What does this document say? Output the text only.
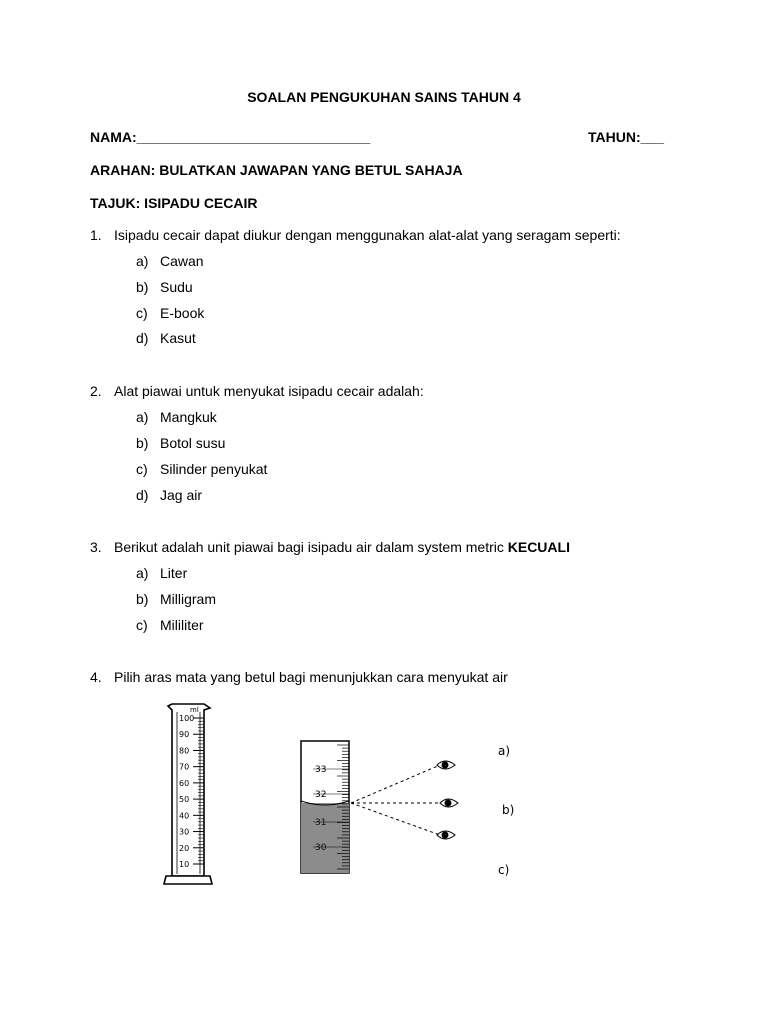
SOALAN PENGUKUHAN SAINS TAHUN 4
NAMA:______________________________	TAHUN:___
ARAHAN: BULATKAN JAWAPAN YANG BETUL SAHAJA
TAJUK: ISIPADU CECAIR
1. Isipadu cecair dapat diukur dengan menggunakan alat-alat yang seragam seperti:
a) Cawan
b) Sudu
c) E-book
d) Kasut
2. Alat piawai untuk menyukat isipadu cecair adalah:
a) Mangkuk
b) Botol susu
c) Silinder penyukat
d) Jag air
3. Berikut adalah unit piawai bagi isipadu air dalam system metric KECUALI
a) Liter
b) Milligram
c) Mililiter
4. Pilih aras mata yang betul bagi menunjukkan cara menyukat air
ml
100
90
80
70
60
50
40
30
20
10
33
32
31
30
a)
b)
c)
